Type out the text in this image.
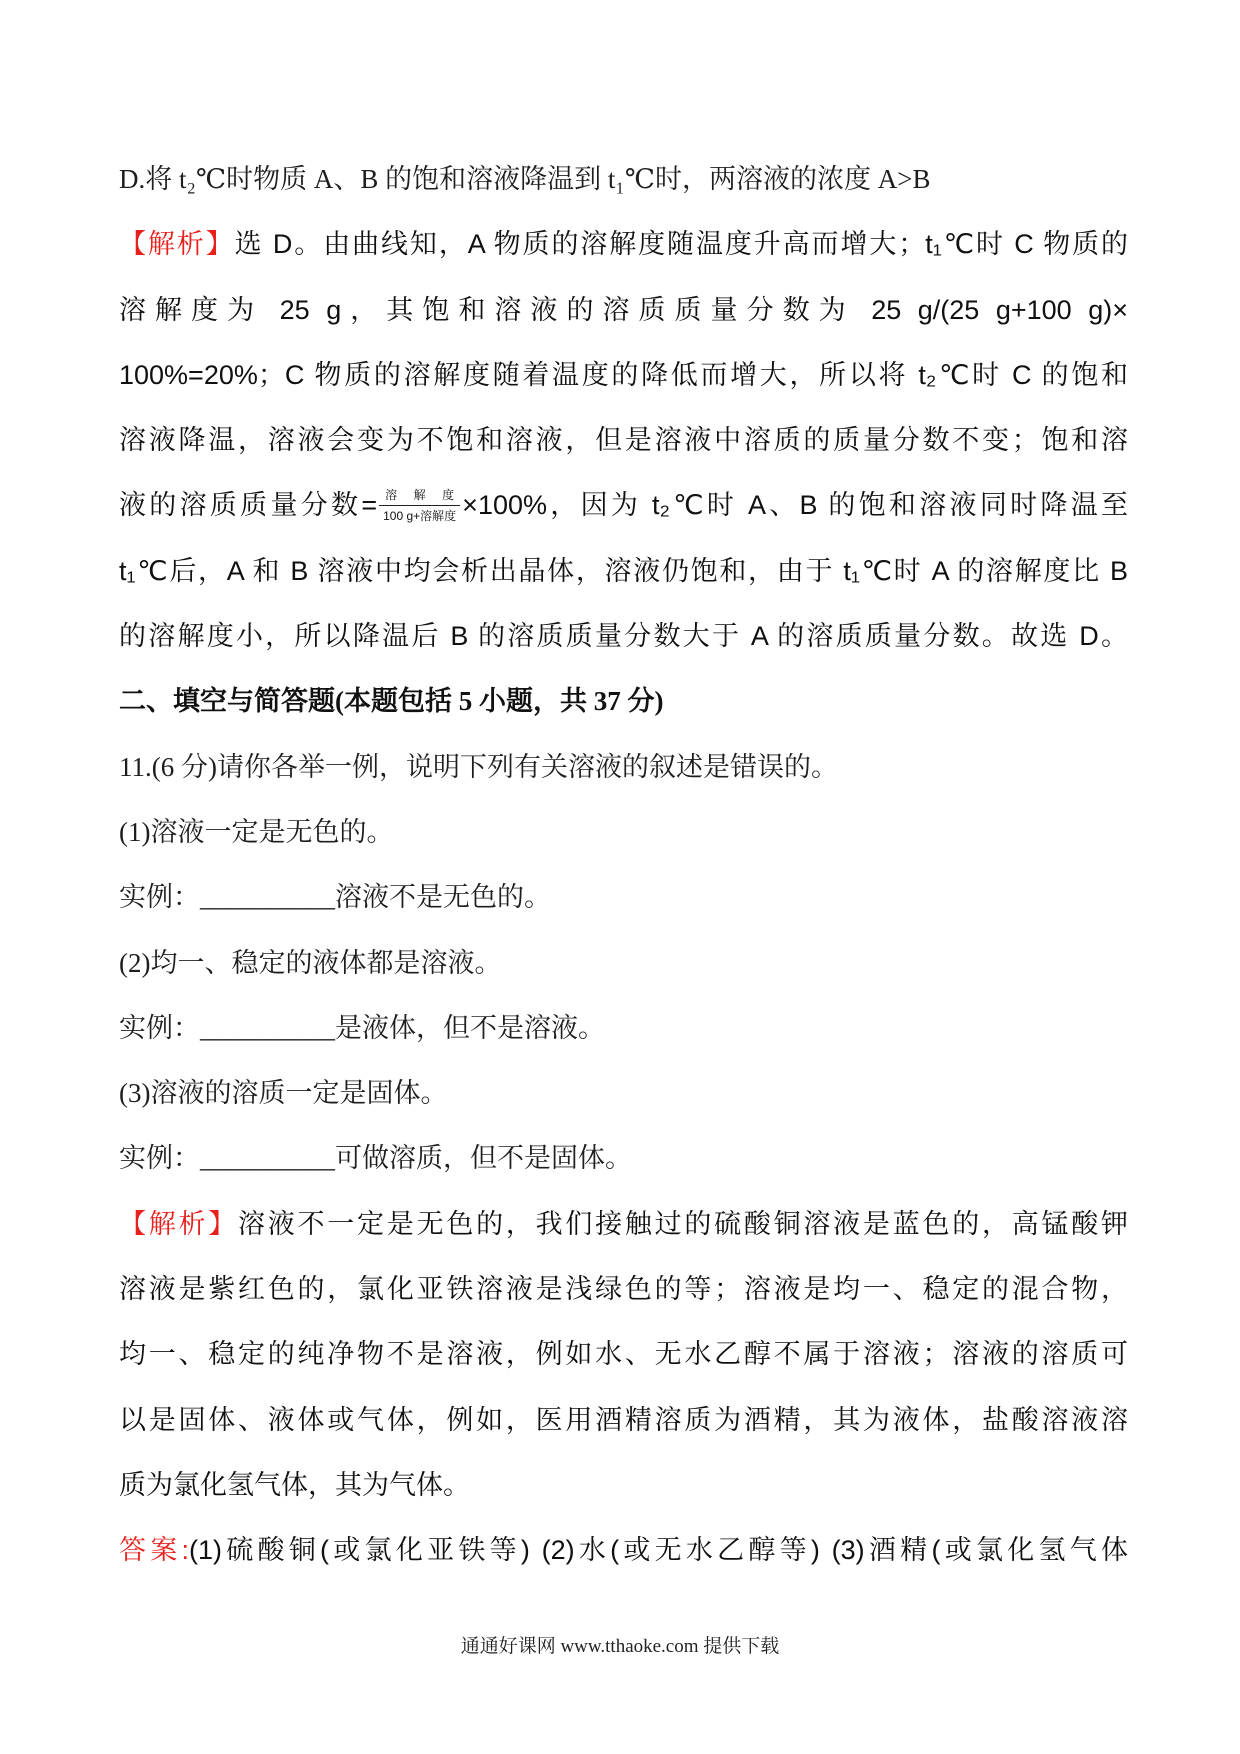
D.将 t₂℃时物质 A、B 的饱和溶液降温到 t₁℃时，两溶液的浓度 A>B
【解析】选 D。由曲线知，A 物质的溶解度随温度升高而增大；t₁℃时 C 物质的
溶解度为 25 g，其饱和溶液的溶质质量分数为 25 g/(25 g+100 g)×
100%=20%；C 物质的溶解度随着温度的降低而增大，所以将 t₂℃时 C 的饱和
溶液降温，溶液会变为不饱和溶液，但是溶液中溶质的质量分数不变；饱和溶
液的溶质质量分数= $\frac{\text{溶解度}}{\text{100 g+溶解度}} \times 100\%$，因为 t₂℃时 A、B 的饱和溶液同时降温至
t₁℃后，A 和 B 溶液中均会析出晶体，溶液仍饱和，由于 t₁℃时 A 的溶解度比 B
的溶解度小，所以降温后 B 的溶质质量分数大于 A 的溶质质量分数。故选 D。
二、填空与简答题(本题包括 5 小题，共 37 分)
11.(6 分)请你各举一例，说明下列有关溶液的叙述是错误的。
(1)溶液一定是无色的。
实例：__________溶液不是无色的。
(2)均一、稳定的液体都是溶液。
实例：__________是液体，但不是溶液。
(3)溶液的溶质一定是固体。
实例：__________可做溶质，但不是固体。
【解析】溶液不一定是无色的，我们接触过的硫酸铜溶液是蓝色的，高锰酸钾
溶液是紫红色的，氯化亚铁溶液是浅绿色的等；溶液是均一、稳定的混合物，
均一、稳定的纯净物不是溶液，例如水、无水乙醇不属于溶液；溶液的溶质可
以是固体、液体或气体，例如，医用酒精溶质为酒精，其为液体，盐酸溶液溶
质为氯化氢气体，其为气体。
答案:(1)硫酸铜(或氯化亚铁等) (2)水(或无水乙醇等) (3)酒精(或氯化氢气体
通通好课网 www.tthaoke.com 提供下载
